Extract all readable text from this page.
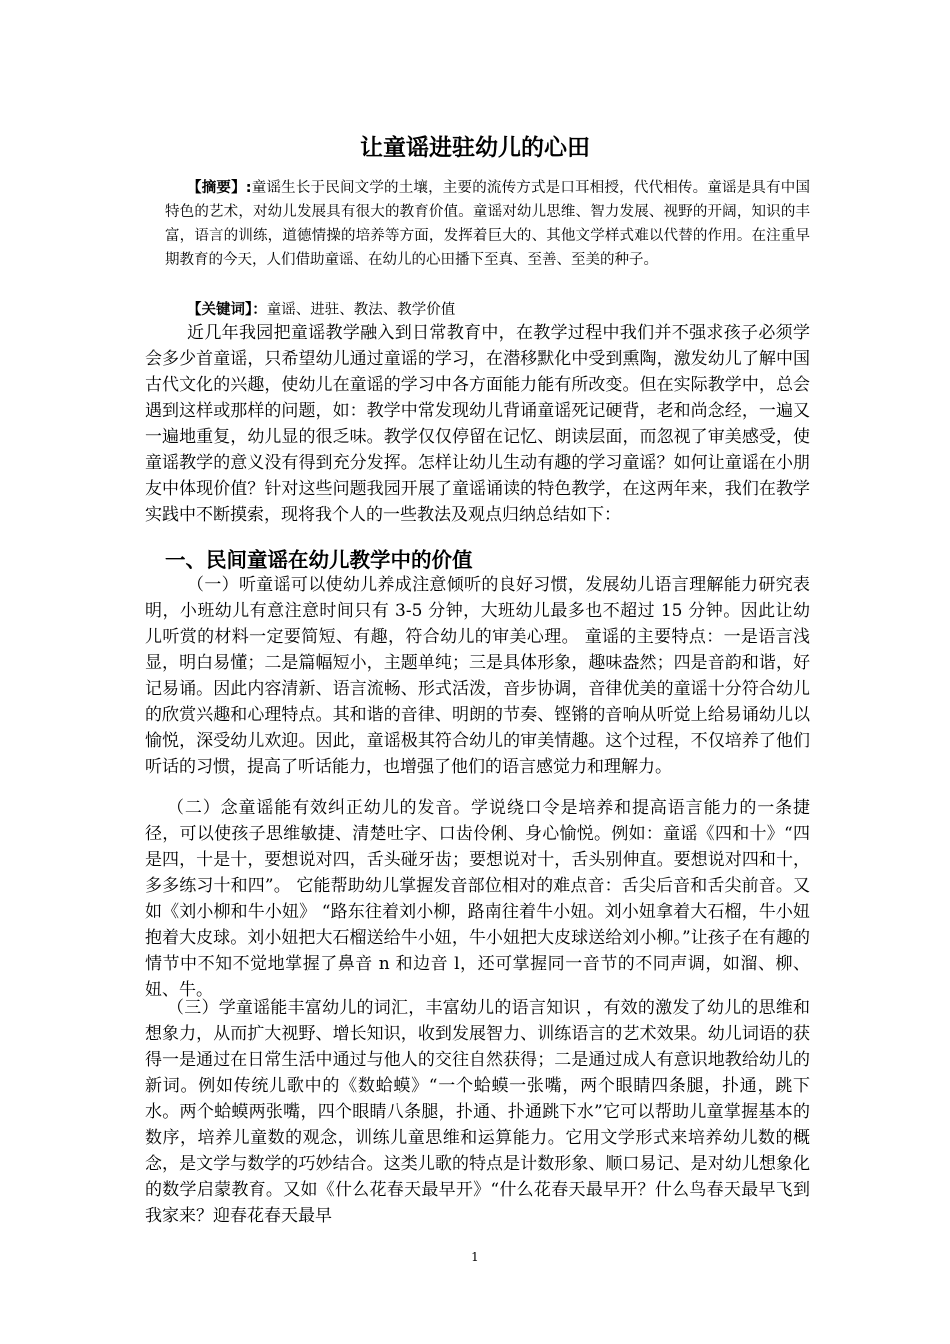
让童谣进驻幼儿的心田
【摘要】:童谣生长于民间文学的土壤，主要的流传方式是口耳相授，代代相传。童谣是具有中国特色的艺术，对幼儿发展具有很大的教育价值。童谣对幼儿思维、智力发展、视野的开阔，知识的丰富，语言的训练，道德情操的培养等方面，发挥着巨大的、其他文学样式难以代替的作用。在注重早期教育的今天，人们借助童谣、在幼儿的心田播下至真、至善、至美的种子。
【关键词】：童谣、进驻、教法、教学价值

近几年我园把童谣教学融入到日常教育中，在教学过程中我们并不强求孩子必须学会多少首童谣，只希望幼儿通过童谣的学习，在潜移默化中受到熏陶，激发幼儿了解中国古代文化的兴趣，使幼儿在童谣的学习中各方面能力能有所改变。但在实际教学中，总会遇到这样或那样的问题，如：教学中常发现幼儿背诵童谣死记硬背，老和尚念经，一遍又一遍地重复，幼儿显的很乏味。教学仅仅停留在记忆、朗读层面，而忽视了审美感受，使童谣教学的意义没有得到充分发挥。怎样让幼儿生动有趣的学习童谣？如何让童谣在小朋友中体现价值？针对这些问题我园开展了童谣诵读的特色教学，在这两年来，我们在教学实践中不断摸索，现将我个人的一些教法及观点归纳总结如下：

一、民间童谣在幼儿教学中的价值

（一）听童谣可以使幼儿养成注意倾听的良好习惯，发展幼儿语言理解能力研究表明，小班幼儿有意注意时间只有 3-5 分钟，大班幼儿最多也不超过 15 分钟。因此让幼儿听赏的材料一定要简短、有趣，符合幼儿的审美心理。 童谣的主要特点：一是语言浅显，明白易懂；二是篇幅短小，主题单纯；三是具体形象，趣味盎然；四是音韵和谐，好记易诵。因此内容清新、语言流畅、形式活泼，音步协调，音律优美的童谣十分符合幼儿的欣赏兴趣和心理特点。其和谐的音律、明朗的节奏、铿锵的音响从听觉上给易诵幼儿以愉悦，深受幼儿欢迎。因此，童谣极其符合幼儿的审美情趣。这个过程，不仅培养了他们听话的习惯，提高了听话能力，也增强了他们的语言感觉力和理解力。

（二）念童谣能有效纠正幼儿的发音。学说绕口令是培养和提高语言能力的一条捷径，可以使孩子思维敏捷、清楚吐字、口齿伶俐、身心愉悦。例如：童谣《四和十》“四是四，十是十，要想说对四，舌头碰牙齿；要想说对十，舌头别伸直。要想说对四和十，多多练习十和四”。 它能帮助幼儿掌握发音部位相对的难点音：舌尖后音和舌尖前音。又如《刘小柳和牛小妞》 “路东往着刘小柳，路南往着牛小妞。刘小妞拿着大石榴，牛小妞抱着大皮球。刘小妞把大石榴送给牛小妞，牛小妞把大皮球送给刘小柳。”让孩子在有趣的情节中不知不觉地掌握了鼻音 n 和边音 l，还可掌握同一音节的不同声调，如溜、柳、妞、牛。

（三）学童谣能丰富幼儿的词汇，丰富幼儿的语言知识 ，有效的激发了幼儿的思维和想象力，从而扩大视野、增长知识，收到发展智力、训练语言的艺术效果。幼儿词语的获得一是通过在日常生活中通过与他人的交往自然获得；二是通过成人有意识地教给幼儿的新词。例如传统儿歌中的《数蛤蟆》“一个蛤蟆一张嘴，两个眼睛四条腿，扑通，跳下水。两个蛤蟆两张嘴，四个眼睛八条腿，扑通、扑通跳下水”它可以帮助儿童掌握基本的数序，培养儿童数的观念，训练儿童思维和运算能力。它用文学形式来培养幼儿数的概念，是文学与数学的巧妙结合。这类儿歌的特点是计数形象、顺口易记、是对幼儿想象化的数学启蒙教育。又如《什么花春天最早开》“什么花春天最早开？什么鸟春天最早飞到我家来？迎春花春天最早

1
